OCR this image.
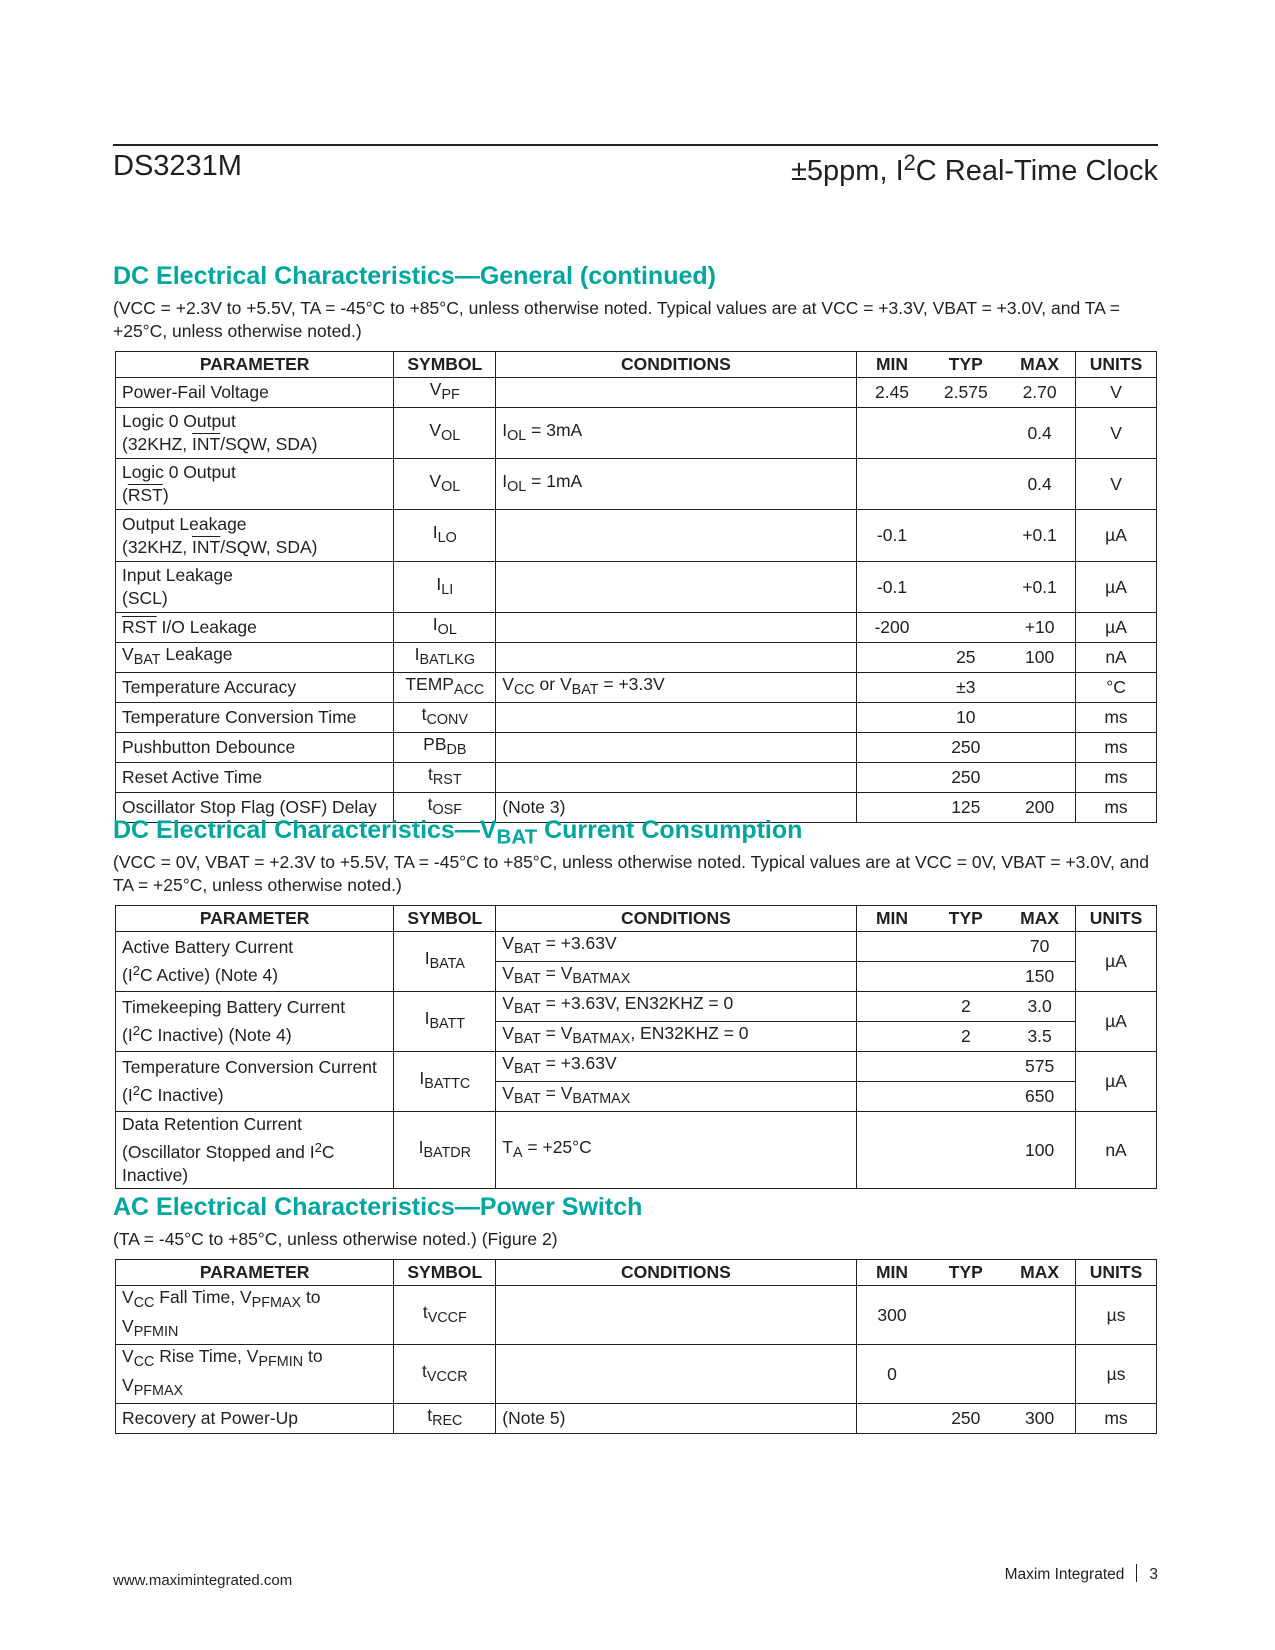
DS3231M	±5ppm, $I^2C$ Real-Time Clock
DC Electrical Characteristics—General (continued)
(VCC = +2.3V to +5.5V, TA = -45°C to +85°C, unless otherwise noted. Typical values are at VCC = +3.3V, VBAT = +3.0V, and TA = +25°C, unless otherwise noted.)
PARAMETER	SYMBOL	CONDITIONS	MIN	TYP	MAX	UNITS
Power-Fail Voltage	$V_{PF}$		2.45	2.575	2.70	V
Logic 0 Output
(32KHZ, $\overline{INT}$/SQW, SDA)	$V_{OL}$	$I_{OL} = 3mA$			0.4	V
Logic 0 Output
$(\overline{RST})$	$V_{OL}$	$I_{OL} = 1mA$			0.4	V
Output Leakage
(32KHZ, $\overline{INT}$/SQW, SDA)	$I_{LO}$		-0.1		+0.1	µA
Input Leakage
(SCL)	$I_{LI}$		-0.1		+0.1	µA
$\overline{RST}$ I/O Leakage	$I_{OL}$		-200		+10	µA
$V_{BAT}$ Leakage	$I_{BATLKG}$			25	100	nA
Temperature Accuracy	$TEMP_{ACC}$	$V_{CC}$ or $V_{BAT} = +3.3V$		±3		°C
Temperature Conversion Time	$t_{CONV}$			10		ms
Pushbutton Debounce	$PB_{DB}$			250		ms
Reset Active Time	$t_{RST}$			250		ms
Oscillator Stop Flag (OSF) Delay	$t_{OSF}$	(Note 3)		125	200	ms
DC Electrical $Characteristics—V_{BAT}$ Current Consumption
(VCC = 0V, VBAT = +2.3V to +5.5V, TA = -45°C to +85°C, unless otherwise noted. Typical values are at VCC = 0V, VBAT = +3.0V, and TA = +25°C, unless otherwise noted.)
PARAMETER	SYMBOL	CONDITIONS	MIN	TYP	MAX	UNITS
Active Battery Current
($I^2C$ Active) (Note 4)	$I_{BATA}$	$V_{BAT} = +3.63V$			70	µA
		$V_{BAT} = V_{BATMAX}$			150	
Timekeeping Battery Current
($I^2C$ Inactive) (Note 4)	$I_{BATT}$	$V_{BAT} = +3.63V$, EN32KHZ = 0		2	3.0	µA
		$V_{BAT} = V_{BATMAX}$, EN32KHZ = 0		2	3.5	
Temperature Conversion Current
($I^2C$ Inactive)	$I_{BATTC}$	$V_{BAT} = +3.63V$			575	µA
		$V_{BAT} = V_{BATMAX}$			650	
Data Retention Current
(Oscillator Stopped and $I^2C$
Inactive)	$I_{BATDR}$	$T_A = +25^\circ C$			100	nA
AC Electrical Characteristics—Power Switch
(TA = -45°C to +85°C, unless otherwise noted.) (Figure 2)
PARAMETER	SYMBOL	CONDITIONS	MIN	TYP	MAX	UNITS
$V_{CC}$ Fall Time, $V_{PFMAX}$ to
$V_{PFMIN}$	$t_{VCCF}$		300			µs
$V_{CC}$ Rise Time, $V_{PFMIN}$ to
$V_{PFMAX}$	$t_{VCCR}$		0			µs
Recovery at Power-Up	$t_{REC}$	(Note 5)		250	300	ms
www.maximintegrated.com	Maxim Integrated 3
